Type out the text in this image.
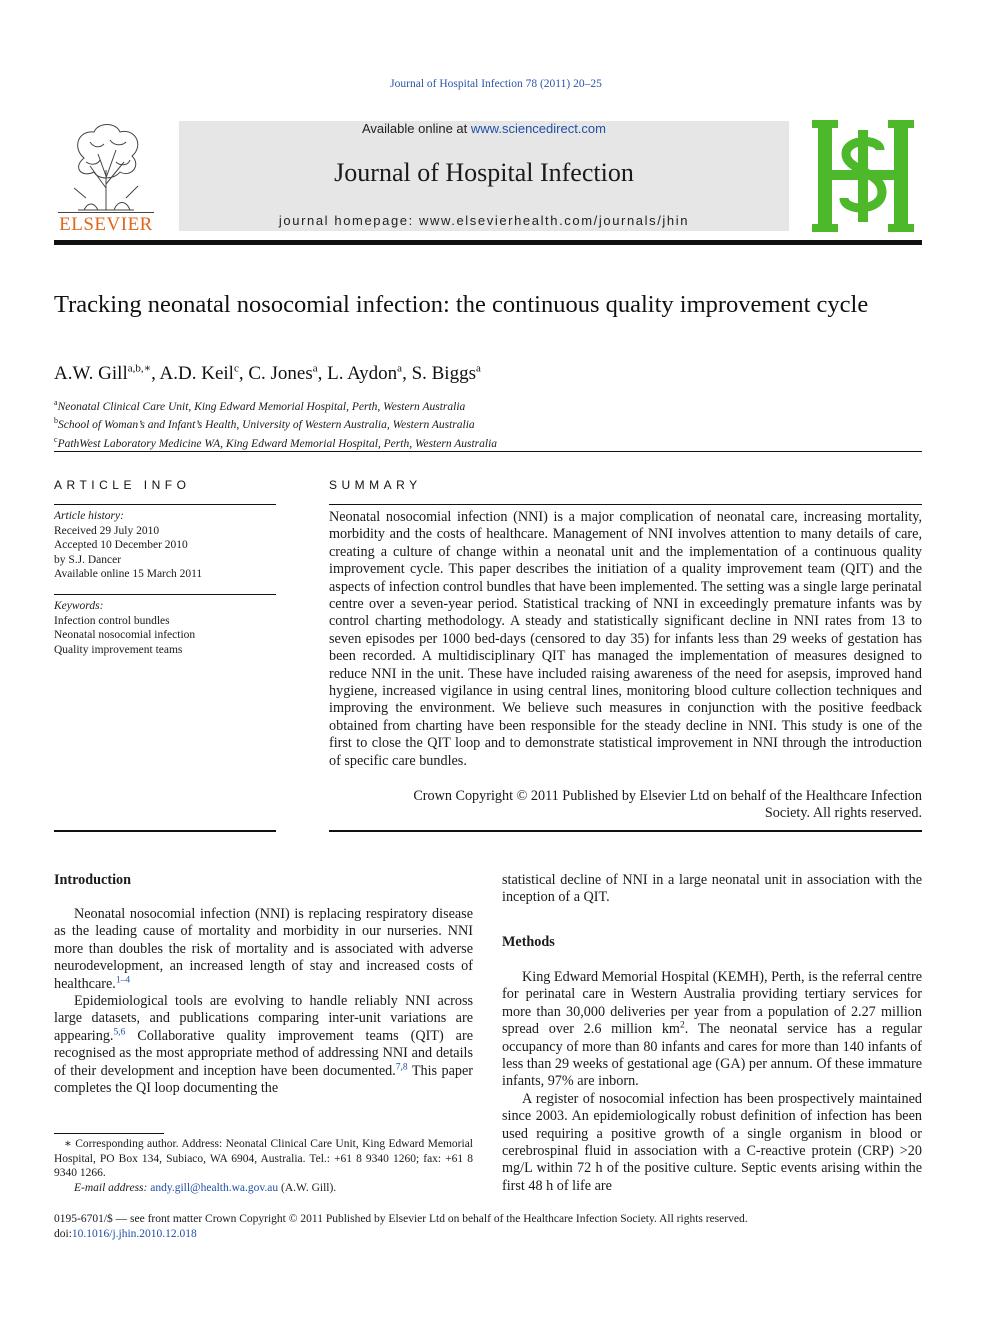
Journal of Hospital Infection 78 (2011) 20–25
ELSEVIER
Available online at www.sciencedirect.com
Journal of Hospital Infection
journal homepage: www.elsevierhealth.com/journals/jhin
Tracking neonatal nosocomial infection: the continuous quality improvement cycle
A.W. Gill$^{a,b,∗}$, A.D. Keil$^c$, C. Jones$^a$, L. Aydon$^a$, S. Biggs$^a$
$^a$Neonatal Clinical Care Unit, King Edward Memorial Hospital, Perth, Western Australia
$^b$School of Woman’s and Infant’s Health, University of Western Australia, Western Australia
$^c$PathWest Laboratory Medicine WA, King Edward Memorial Hospital, Perth, Western Australia
ARTICLE INFO
Article history:
Received 29 July 2010
Accepted 10 December 2010
by S.J. Dancer
Available online 15 March 2011
Keywords:
Infection control bundles
Neonatal nosocomial infection
Quality improvement teams
SUMMARY
Neonatal nosocomial infection (NNI) is a major complication of neonatal care, increasing mortality, morbidity and the costs of healthcare. Management of NNI involves attention to many details of care, creating a culture of change within a neonatal unit and the implementation of a continuous quality improvement cycle. This paper describes the initiation of a quality improvement team (QIT) and the aspects of infection control bundles that have been implemented. The setting was a single large perinatal centre over a seven-year period. Statistical tracking of NNI in exceedingly premature infants was by control charting methodology. A steady and statistically significant decline in NNI rates from 13 to seven episodes per 1000 bed-days (censored to day 35) for infants less than 29 weeks of gestation has been recorded. A multidisciplinary QIT has managed the implementation of measures designed to reduce NNI in the unit. These have included raising awareness of the need for asepsis, improved hand hygiene, increased vigilance in using central lines, monitoring blood culture collection techniques and improving the environment. We believe such measures in conjunction with the positive feedback obtained from charting have been responsible for the steady decline in NNI. This study is one of the first to close the QIT loop and to demonstrate statistical improvement in NNI through the introduction of specific care bundles.
Crown Copyright © 2011 Published by Elsevier Ltd on behalf of the Healthcare Infection
Society. All rights reserved.
Introduction

Neonatal nosocomial infection (NNI) is replacing respiratory disease as the leading cause of mortality and morbidity in our nurseries. NNI more than doubles the risk of mortality and is associated with adverse neurodevelopment, an increased length of stay and increased costs of healthcare.$^{1-4}$

Epidemiological tools are evolving to handle reliably NNI across large datasets, and publications comparing inter-unit variations are appearing.$^{5,6}$ Collaborative quality improvement teams (QIT) are recognised as the most appropriate method of addressing NNI and details of their development and inception have been documented.$^{7,8}$ This paper completes the QI loop documenting the

∗ Corresponding author. Address: Neonatal Clinical Care Unit, King Edward Memorial Hospital, PO Box 134, Subiaco, WA 6904, Australia. Tel.: +61 8 9340 1260; fax: +61 8 9340 1266.
E-mail address: andy.gill@health.wa.gov.au (A.W. Gill).
statistical decline of NNI in a large neonatal unit in association with the inception of a QIT.
Methods

King Edward Memorial Hospital (KEMH), Perth, is the referral centre for perinatal care in Western Australia providing tertiary services for more than 30,000 deliveries per year from a population of 2.27 million spread over 2.6 million $km^2$. The neonatal service has a regular occupancy of more than 80 infants and cares for more than 140 infants of less than 29 weeks of gestational age (GA) per annum. Of these immature infants, 97% are inborn.

A register of nosocomial infection has been prospectively maintained since 2003. An epidemiologically robust definition of infection has been used requiring a positive growth of a single organism in blood or cerebrospinal fluid in association with a C-reactive protein (CRP) >20 mg/L within 72 h of the positive culture. Septic events arising within the first 48 h of life are

0195-6701/$ — see front matter Crown Copyright © 2011 Published by Elsevier Ltd on behalf of the Healthcare Infection Society. All rights reserved.
doi:10.1016/j.jhin.2010.12.018
